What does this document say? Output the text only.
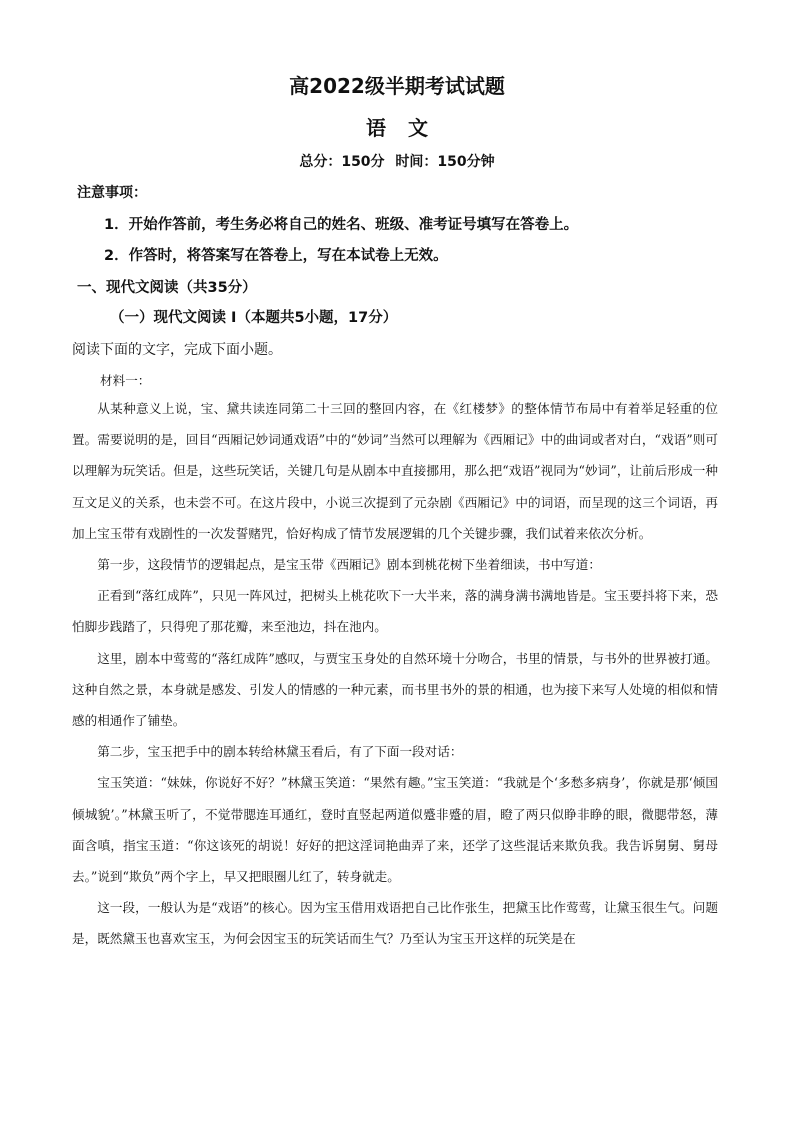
高2022级半期考试试题
语文
总分：150分 时间：150分钟
注意事项：
1．开始作答前，考生务必将自己的姓名、班级、准考证号填写在答卷上。
2．作答时，将答案写在答卷上，写在本试卷上无效。
一、现代文阅读（共35分）
（一）现代文阅读 Ⅰ（本题共5小题，17分）
阅读下面的文字，完成下面小题。
材料一：

从某种意义上说，宝、黛共读连同第二十三回的整回内容，在《红楼梦》的整体情节布局中有着举足轻重的位置。需要说明的是，回目“西厢记妙词通戏语”中的“妙词”当然可以理解为《西厢记》中的曲词或者对白，“戏语”则可以理解为玩笑话。但是，这些玩笑话，关键几句是从剧本中直接挪用，那么把“戏语”视同为“妙词”，让前后形成一种互文足义的关系，也未尝不可。在这片段中，小说三次提到了元杂剧《西厢记》中的词语，而呈现的这三个词语，再加上宝玉带有戏剧性的一次发誓赌咒，恰好构成了情节发展逻辑的几个关键步骤，我们试着来依次分析。

第一步，这段情节的逻辑起点，是宝玉带《西厢记》剧本到桃花树下坐着细读，书中写道：

正看到“落红成阵”，只见一阵风过，把树头上桃花吹下一大半来，落的满身满书满地皆是。宝玉要抖将下来，恐怕脚步践踏了，只得兜了那花瓣，来至池边，抖在池内。

这里，剧本中莺莺的“落红成阵”感叹，与贾宝玉身处的自然环境十分吻合，书里的情景，与书外的世界被打通。这种自然之景，本身就是感发、引发人的情感的一种元素，而书里书外的景的相通，也为接下来写人处境的相似和情感的相通作了铺垫。

第二步，宝玉把手中的剧本转给林黛玉看后，有了下面一段对话：

宝玉笑道：“妹妹，你说好不好？”林黛玉笑道：“果然有趣。”宝玉笑道：“我就是个‘多愁多病身’，你就是那‘倾国倾城貌’。”林黛玉听了，不觉带腮连耳通红，登时直竖起两道似蹙非蹙的眉，瞪了两只似睁非睁的眼，微腮带怒，薄面含嗔，指宝玉道：“你这该死的胡说！好好的把这淫词艳曲弄了来，还学了这些混话来欺负我。我告诉舅舅、舅母去。”说到“欺负”两个字上，早又把眼圈儿红了，转身就走。

这一段，一般认为是“戏语”的核心。因为宝玉借用戏语把自己比作张生，把黛玉比作莺莺，让黛玉很生气。问题是，既然黛玉也喜欢宝玉，为何会因宝玉的玩笑话而生气？乃至认为宝玉开这样的玩笑是在
